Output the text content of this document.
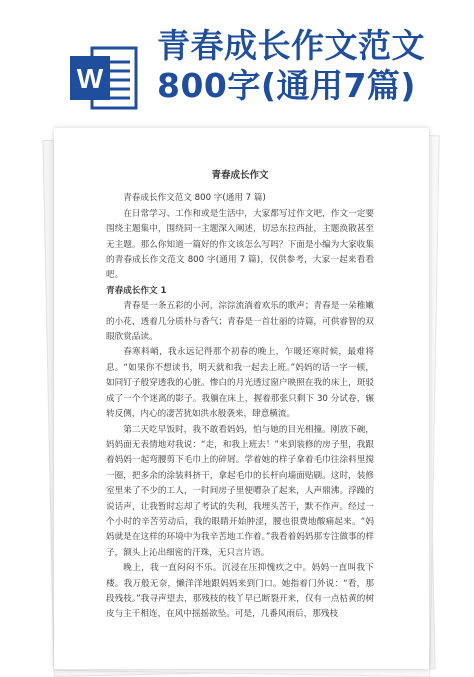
W
青春成长作文范文
800字(通用7篇)
青春成长作文

青春成长作文范文 800 字(通用 7 篇)

在日常学习、工作和或是生活中，大家都写过作文吧，作文一定要围绕主题集中，围绕同一主题深入阐述，切忌东拉西扯，主题涣散甚至无主题。那么你知道一篇好的作文该怎么写吗？下面是小编为大家收集的青春成长作文范文 800 字(通用 7 篇)，仅供参考，大家一起来看看吧。

青春成长作文 1

青春是一条五彩的小河，淙淙流淌着欢乐的歌声；青春是一朵稚嫩的小花，透着几分质朴与香气；青春是一首壮丽的诗篇，可供睿智的双眼欣赏品读。

春寒料峭，我永远记得那个初春的晚上，乍暖还寒时候，最难将息。“如果你不想读书，明天就和我一起去上班。”妈妈的话一字一顿，如同钉子般穿透我的心脏。惨白的月光透过窗户映照在我的床上，斑驳成了一个个迷离的影子。我躺在床上，握着那张只剩下 30 分试卷，辗转反侧，内心的凄苦犹如洪水般袭来，肆意横流。

第二天吃早饭时，我不敢看妈妈，怕与她的目光相撞。刚放下碗，妈妈面无表情地对我说：“走，和我上班去！”来到装修的房子里，我跟着妈妈一起弯腰剪下毛巾上的碎屑。学着她的样子拿着毛巾往涂料里搅一圈，把多余的涂装料挤干，拿起毛巾的长杆向墙面贴刷。这时，装修室里来了不少的工人，一时间房子里便嘈杂了起来，人声鼎沸。浮躁的说话声，让我暂时忘却了考试的失利，我埋头苦干，默不作声。经过一个小时的辛苦劳动后，我的眼睛开始肿涩，腰也很费地酸痛起来。“妈妈就是在这样的环境中为我辛苦地工作着。”我看着妈妈那专注做事的样子，额头上沁出细密的汗珠，无只言片语。

晚上，我一直闷闷不乐。沉浸在压抑愧疚之中。妈妈一直叫我下楼。我万般无奈，懒洋洋地跟妈妈来到门口。她指着门外说：“看，那段残枝。”我寻声望去，那残枝的枝丫早已断裂开来，仅有一点枯黄的树皮与主干相连，在风中摇摇欲坠。可是，几番风雨后，那残枝
